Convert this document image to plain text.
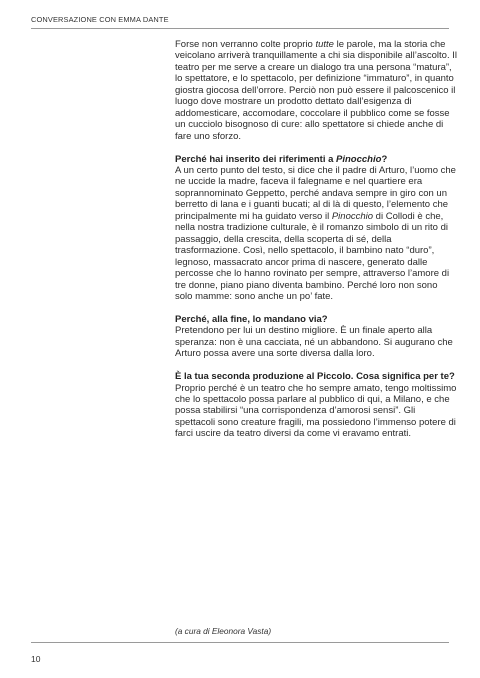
CONVERSAZIONE CON EMMA DANTE

Forse non verranno colte proprio tutte le parole, ma la storia che veicolano arriverà tranquillamente a chi sia disponibile all’ascolto. Il teatro per me serve a creare un dialogo tra una persona “matura”, lo spettatore, e lo spettacolo, per definizione “immaturo”, in quanto giostra giocosa dell’orrore. Perciò non può essere il palcoscenico il luogo dove mostrare un prodotto dettato dall’esigenza di addomesticare, accomodare, coccolare il pubblico come se fosse un cucciolo bisognoso di cure: allo spettatore si chiede anche di fare uno sforzo.

Perché hai inserito dei riferimenti a Pinocchio?

A un certo punto del testo, si dice che il padre di Arturo, l’uomo che ne uccide la madre, faceva il falegname e nel quartiere era soprannominato Geppetto, perché andava sempre in giro con un berretto di lana e i guanti bucati; al di là di questo, l’elemento che principalmente mi ha guidato verso il Pinocchio di Collodi è che, nella nostra tradizione culturale, è il romanzo simbolo di un rito di passaggio, della crescita, della scoperta di sé, della trasformazione. Così, nello spettacolo, il bambino nato “duro”, legnoso, massacrato ancor prima di nascere, generato dalle percosse che lo hanno rovinato per sempre, attraverso l’amore di tre donne, piano piano diventa bambino. Perché loro non sono solo mamme: sono anche un po’ fate.

Perché, alla fine, lo mandano via?

Pretendono per lui un destino migliore. È un finale aperto alla speranza: non è una cacciata, né un abbandono. Si augurano che Arturo possa avere una sorte diversa dalla loro.

È la tua seconda produzione al Piccolo. Cosa significa per te?

Proprio perché è un teatro che ho sempre amato, tengo moltissimo che lo spettacolo possa parlare al pubblico di qui, a Milano, e che possa stabilirsi “una corrispondenza d’amorosi sensi”. Gli spettacoli sono creature fragili, ma possiedono l’immenso potere di farci uscire da teatro diversi da come vi eravamo entrati.

(a cura di Eleonora Vasta)
10
